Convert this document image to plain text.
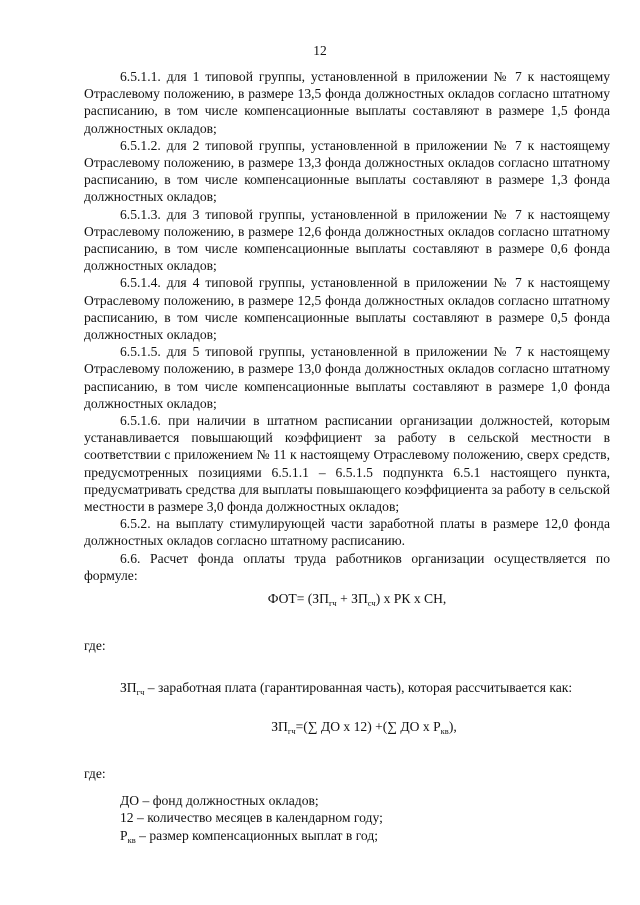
12

6.5.1.1. для 1 типовой группы, установленной в приложении № 7 к настоящему Отраслевому положению, в размере 13,5 фонда должностных окладов согласно штатному расписанию, в том числе компенсационные выплаты составляют в размере 1,5 фонда должностных окладов;

6.5.1.2. для 2 типовой группы, установленной в приложении № 7 к настоящему Отраслевому положению, в размере 13,3 фонда должностных окладов согласно штатному расписанию, в том числе компенсационные выплаты составляют в размере 1,3 фонда должностных окладов;

6.5.1.3. для 3 типовой группы, установленной в приложении № 7 к настоящему Отраслевому положению, в размере 12,6 фонда должностных окладов согласно штатному расписанию, в том числе компенсационные выплаты составляют в размере 0,6 фонда должностных окладов;

6.5.1.4. для 4 типовой группы, установленной в приложении № 7 к настоящему Отраслевому положению, в размере 12,5 фонда должностных окладов согласно штатному расписанию, в том числе компенсационные выплаты составляют в размере 0,5 фонда должностных окладов;

6.5.1.5. для 5 типовой группы, установленной в приложении № 7 к настоящему Отраслевому положению, в размере 13,0 фонда должностных окладов согласно штатному расписанию, в том числе компенсационные выплаты составляют в размере 1,0 фонда должностных окладов;

6.5.1.6. при наличии в штатном расписании организации должностей, которым устанавливается повышающий коэффициент за работу в сельской местности в соответствии с приложением № 11 к настоящему Отраслевому положению, сверх средств, предусмотренных позициями 6.5.1.1 – 6.5.1.5 подпункта 6.5.1 настоящего пункта, предусматривать средства для выплаты повышающего коэффициента за работу в сельской местности в размере 3,0 фонда должностных окладов;

6.5.2. на выплату стимулирующей части заработной платы в размере 12,0 фонда должностных окладов согласно штатному расписанию.

6.6. Расчет фонда оплаты труда работников организации осуществляется по формуле:

$ФОТ= (ЗП_{гч} + ЗП_{сч})$ х РК х СН,

где:

$ЗП_{гч}$ – заработная плата (гарантированная часть), которая рассчитывается как:

$ЗП_{гч}=(\sum$ ДО х 12) +(∑ ДО х $Р_{кв}$),

где:

ДО – фонд должностных окладов;

12 – количество месяцев в календарном году;

$Р_{кв}$ – размер компенсационных выплат в год;
